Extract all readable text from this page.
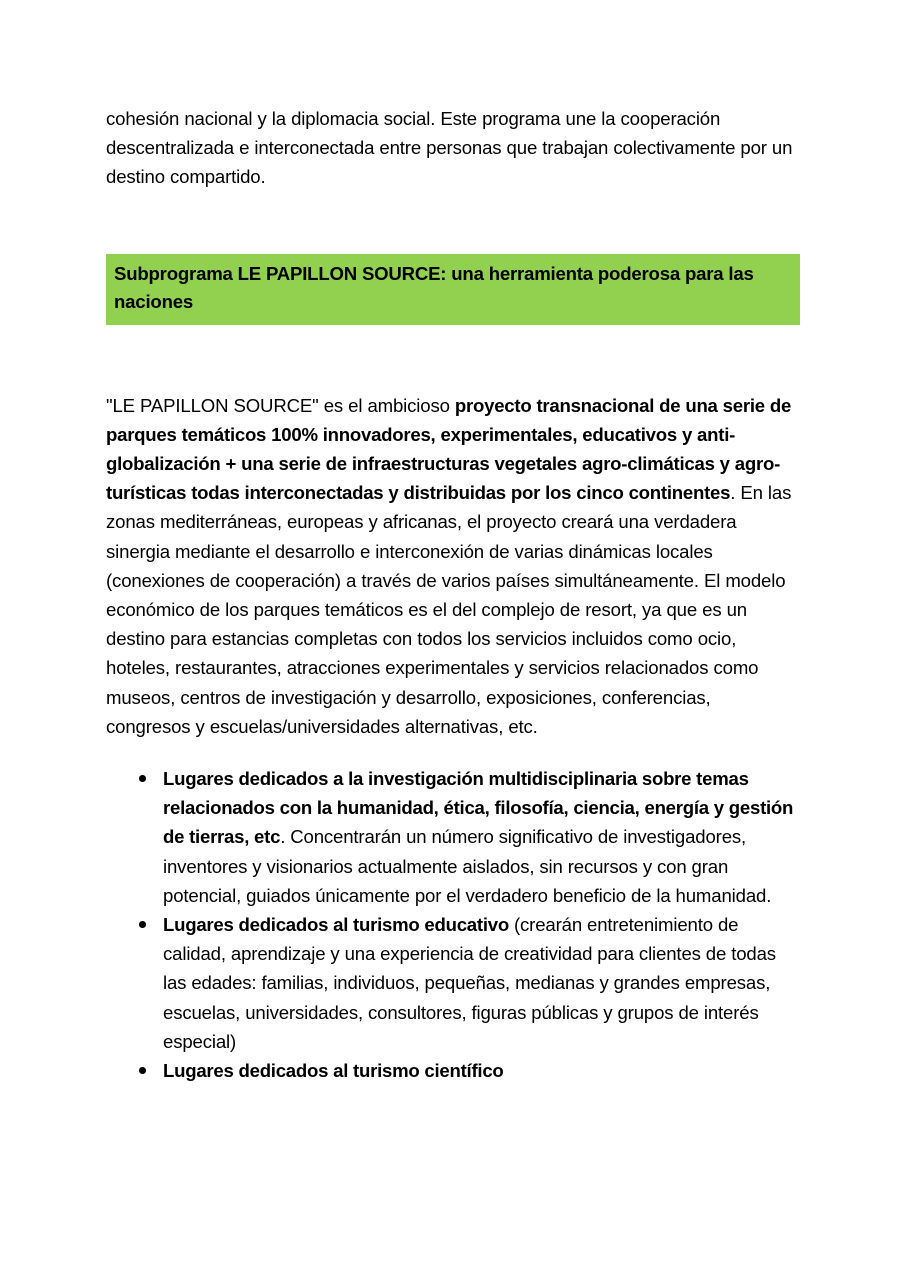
cohesión nacional y la diplomacia social. Este programa une la cooperación descentralizada e interconectada entre personas que trabajan colectivamente por un destino compartido.

Subprograma LE PAPILLON SOURCE: una herramienta poderosa para las naciones

"LE PAPILLON SOURCE" es el ambicioso proyecto transnacional de una serie de parques temáticos 100% innovadores, experimentales, educativos y anti-globalización + una serie de infraestructuras vegetales agro-climáticas y agro-turísticas todas interconectadas y distribuidas por los cinco continentes. En las zonas mediterráneas, europeas y africanas, el proyecto creará una verdadera sinergia mediante el desarrollo e interconexión de varias dinámicas locales (conexiones de cooperación) a través de varios países simultáneamente. El modelo económico de los parques temáticos es el del complejo de resort, ya que es un destino para estancias completas con todos los servicios incluidos como ocio, hoteles, restaurantes, atracciones experimentales y servicios relacionados como museos, centros de investigación y desarrollo, exposiciones, conferencias, congresos y escuelas/universidades alternativas, etc.

Lugares dedicados a la investigación multidisciplinaria sobre temas relacionados con la humanidad, ética, filosofía, ciencia, energía y gestión de tierras, etc. Concentrarán un número significativo de investigadores, inventores y visionarios actualmente aislados, sin recursos y con gran potencial, guiados únicamente por el verdadero beneficio de la humanidad.
Lugares dedicados al turismo educativo (crearán entretenimiento de calidad, aprendizaje y una experiencia de creatividad para clientes de todas las edades: familias, individuos, pequeñas, medianas y grandes empresas, escuelas, universidades, consultores, figuras públicas y grupos de interés especial)
Lugares dedicados al turismo científico
